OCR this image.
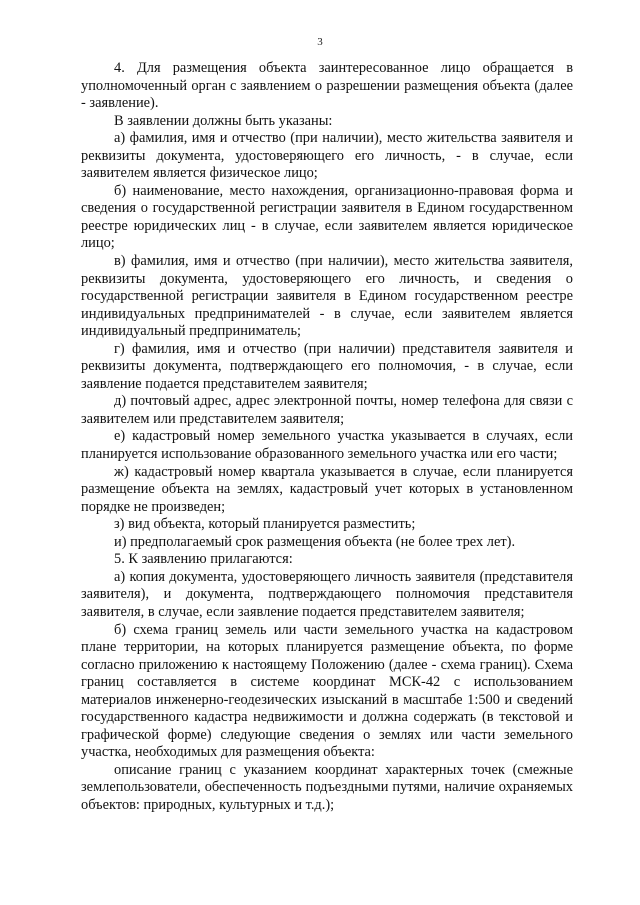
3

4. Для размещения объекта заинтересованное лицо обращается в уполномоченный орган с заявлением о разрешении размещения объекта (далее - заявление).

В заявлении должны быть указаны:

а) фамилия, имя и отчество (при наличии), место жительства заявителя и реквизиты документа, удостоверяющего его личность, - в случае, если заявителем является физическое лицо;

б) наименование, место нахождения, организационно-правовая форма и сведения о государственной регистрации заявителя в Едином государственном реестре юридических лиц - в случае, если заявителем является юридическое лицо;

в) фамилия, имя и отчество (при наличии), место жительства заявителя, реквизиты документа, удостоверяющего его личность, и сведения о государственной регистрации заявителя в Едином государственном реестре индивидуальных предпринимателей - в случае, если заявителем является индивидуальный предприниматель;

г) фамилия, имя и отчество (при наличии) представителя заявителя и реквизиты документа, подтверждающего его полномочия, - в случае, если заявление подается представителем заявителя;

д) почтовый адрес, адрес электронной почты, номер телефона для связи с заявителем или представителем заявителя;

е) кадастровый номер земельного участка указывается в случаях, если планируется использование образованного земельного участка или его части;

ж) кадастровый номер квартала указывается в случае, если планируется размещение объекта на землях, кадастровый учет которых в установленном порядке не произведен;

з) вид объекта, который планируется разместить;

и) предполагаемый срок размещения объекта (не более трех лет).

5. К заявлению прилагаются:

а) копия документа, удостоверяющего личность заявителя (представителя заявителя), и документа, подтверждающего полномочия представителя заявителя, в случае, если заявление подается представителем заявителя;

б) схема границ земель или части земельного участка на кадастровом плане территории, на которых планируется размещение объекта, по форме согласно приложению к настоящему Положению (далее - схема границ). Схема границ составляется в системе координат МСК-42 с использованием материалов инженерно-геодезических изысканий в масштабе 1:500 и сведений государственного кадастра недвижимости и должна содержать (в текстовой и графической форме) следующие сведения о землях или части земельного участка, необходимых для размещения объекта:

описание границ с указанием координат характерных точек (смежные землепользователи, обеспеченность подъездными путями, наличие охраняемых объектов: природных, культурных и т.д.);
